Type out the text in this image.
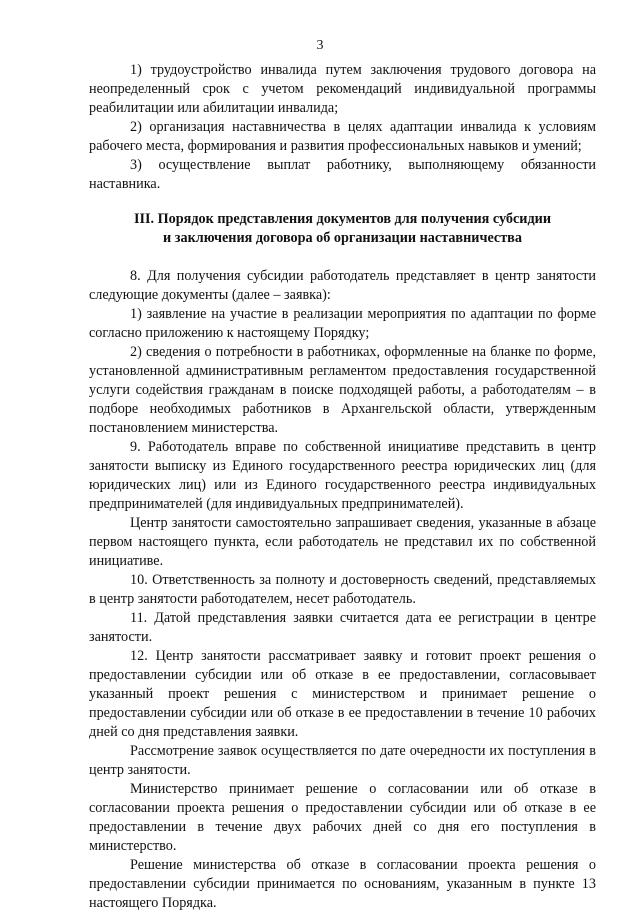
3

1) трудоустройство инвалида путем заключения трудового договора на неопределенный срок с учетом рекомендаций индивидуальной программы реабилитации или абилитации инвалида;

2) организация наставничества в целях адаптации инвалида к условиям рабочего места, формирования и развития профессиональных навыков и умений;

3) осуществление выплат работнику, выполняющему обязанности наставника.

III. Порядок представления документов для получения субсидии
и заключения договора об организации наставничества

8. Для получения субсидии работодатель представляет в центр занятости следующие документы (далее – заявка):

1) заявление на участие в реализации мероприятия по адаптации по форме согласно приложению к настоящему Порядку;

2) сведения о потребности в работниках, оформленные на бланке по форме, установленной административным регламентом предоставления государственной услуги содействия гражданам в поиске подходящей работы, а работодателям – в подборе необходимых работников в Архангельской области, утвержденным постановлением министерства.

9. Работодатель вправе по собственной инициативе представить в центр занятости выписку из Единого государственного реестра юридических лиц (для юридических лиц) или из Единого государственного реестра индивидуальных предпринимателей (для индивидуальных предпринимателей).

Центр занятости самостоятельно запрашивает сведения, указанные в абзаце первом настоящего пункта, если работодатель не представил их по собственной инициативе.

10. Ответственность за полноту и достоверность сведений, представляемых в центр занятости работодателем, несет работодатель.

11. Датой представления заявки считается дата ее регистрации в центре занятости.

12. Центр занятости рассматривает заявку и готовит проект решения о предоставлении субсидии или об отказе в ее предоставлении, согласовывает указанный проект решения с министерством и принимает решение о предоставлении субсидии или об отказе в ее предоставлении в течение 10 рабочих дней со дня представления заявки.

Рассмотрение заявок осуществляется по дате очередности их поступления в центр занятости.

Министерство принимает решение о согласовании или об отказе в согласовании проекта решения о предоставлении субсидии или об отказе в ее предоставлении в течение двух рабочих дней со дня его поступления в министерство.

Решение министерства об отказе в согласовании проекта решения о предоставлении субсидии принимается по основаниям, указанным в пункте 13 настоящего Порядка.
